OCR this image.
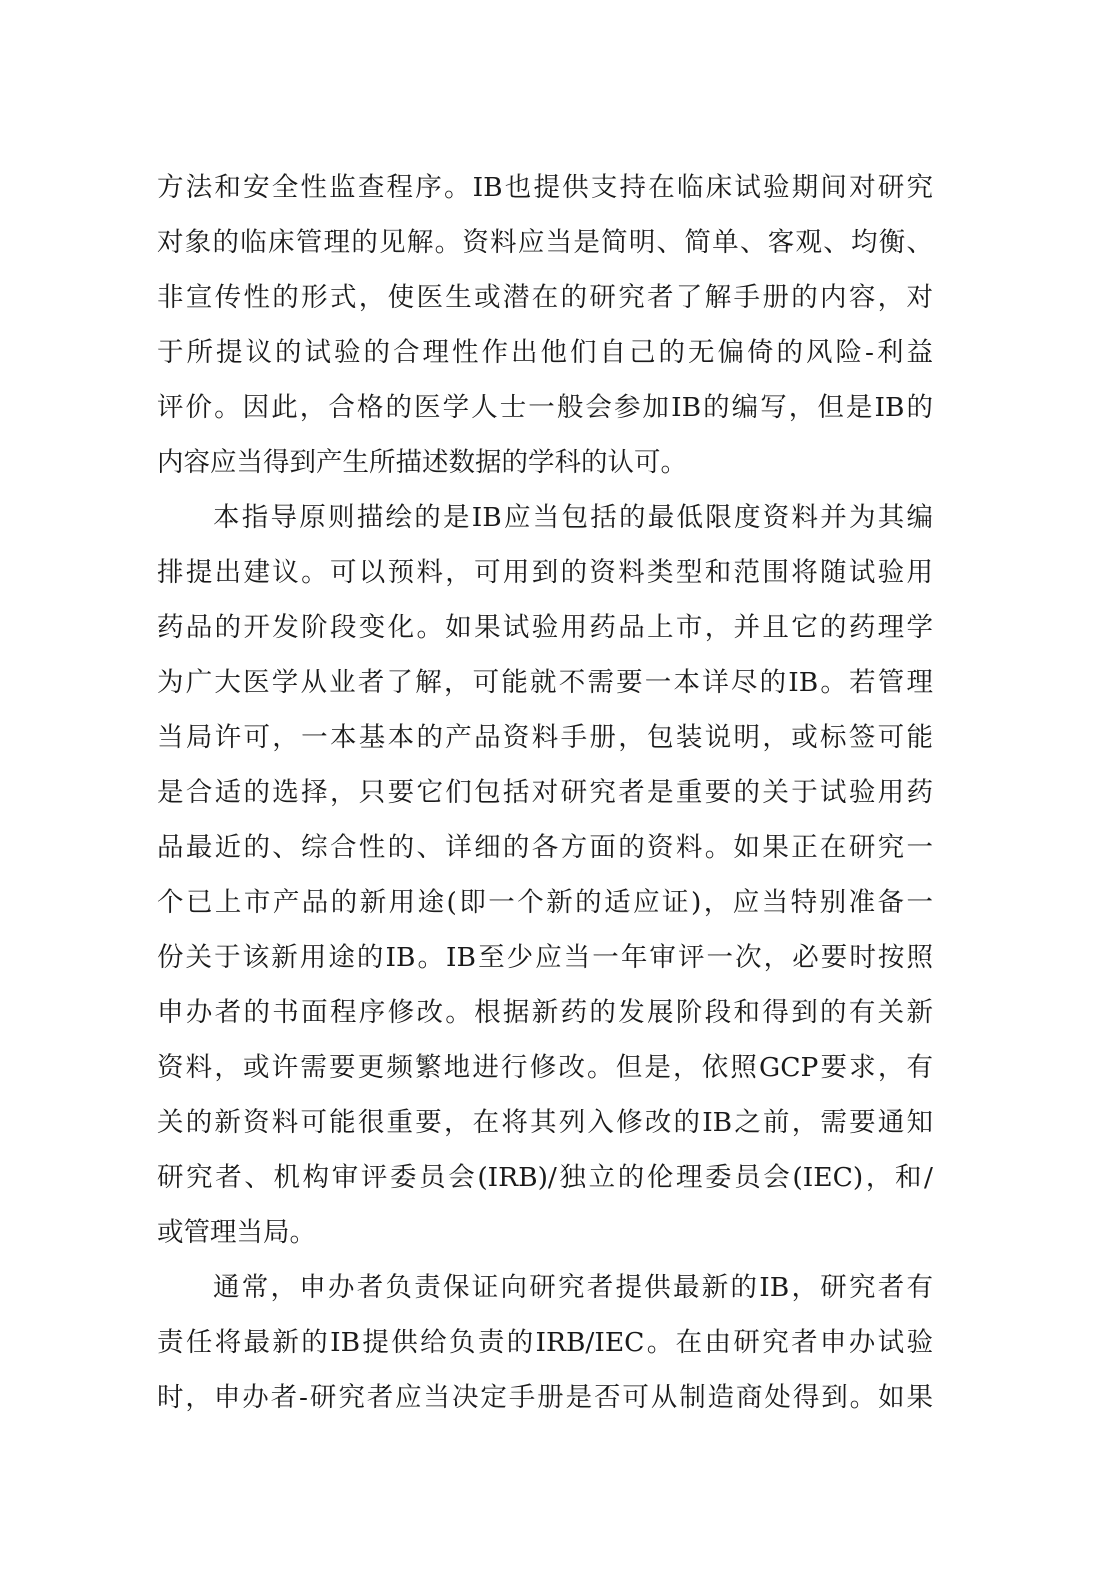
方法和安全性监查程序。IB也提供支持在临床试验期间对研究
对象的临床管理的见解。资料应当是简明、简单、客观、均衡、
非宣传性的形式，使医生或潜在的研究者了解手册的内容，对
于所提议的试验的合理性作出他们自己的无偏倚的风险-利益
评价。因此，合格的医学人士一般会参加IB的编写，但是IB的
内容应当得到产生所描述数据的学科的认可。
本指导原则描绘的是IB应当包括的最低限度资料并为其编
排提出建议。可以预料，可用到的资料类型和范围将随试验用
药品的开发阶段变化。如果试验用药品上市，并且它的药理学
为广大医学从业者了解，可能就不需要一本详尽的IB。若管理
当局许可，一本基本的产品资料手册，包装说明，或标签可能
是合适的选择，只要它们包括对研究者是重要的关于试验用药
品最近的、综合性的、详细的各方面的资料。如果正在研究一
个已上市产品的新用途(即一个新的适应证)，应当特别准备一
份关于该新用途的IB。IB至少应当一年审评一次，必要时按照
申办者的书面程序修改。根据新药的发展阶段和得到的有关新
资料，或许需要更频繁地进行修改。但是，依照GCP要求，有
关的新资料可能很重要，在将其列入修改的IB之前，需要通知
研究者、机构审评委员会(IRB)/独立的伦理委员会(IEC)，和/
或管理当局。
通常，申办者负责保证向研究者提供最新的IB，研究者有
责任将最新的IB提供给负责的IRB/IEC。在由研究者申办试验
时，申办者-研究者应当决定手册是否可从制造商处得到。如果
